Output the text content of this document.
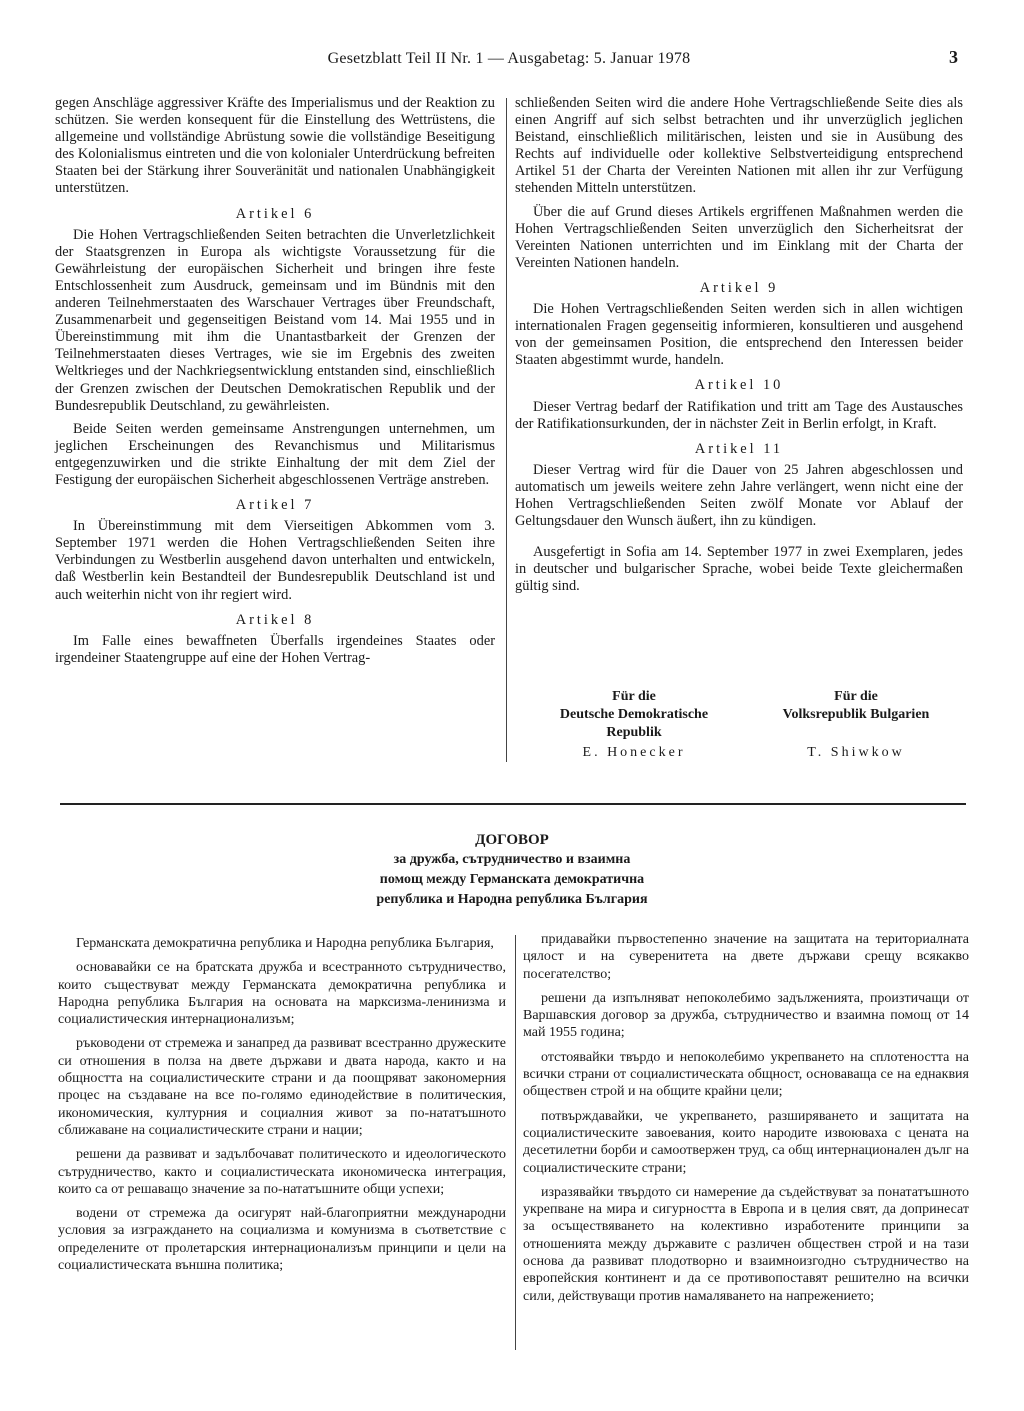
Gesetzblatt Teil II Nr. 1 — Ausgabetag: 5. Januar 1978	3

gegen Anschläge aggressiver Kräfte des Imperialismus und der Reaktion zu schützen. Sie werden konsequent für die Einstellung des Wettrüstens, die allgemeine und vollständige Abrüstung sowie die vollständige Beseitigung des Kolonialismus eintreten und die von kolonialer Unterdrückung befreiten Staaten bei der Stärkung ihrer Souveränität und nationalen Unabhängigkeit unterstützen.

Artikel 6

Die Hohen Vertragschließenden Seiten betrachten die Unverletzlichkeit der Staatsgrenzen in Europa als wichtigste Voraussetzung für die Gewährleistung der europäischen Sicherheit und bringen ihre feste Entschlossenheit zum Ausdruck, gemeinsam und im Bündnis mit den anderen Teilnehmerstaaten des Warschauer Vertrages über Freundschaft, Zusammenarbeit und gegenseitigen Beistand vom 14. Mai 1955 und in Übereinstimmung mit ihm die Unantastbarkeit der Grenzen der Teilnehmerstaaten dieses Vertrages, wie sie im Ergebnis des zweiten Weltkrieges und der Nachkriegsentwicklung entstanden sind, einschließlich der Grenzen zwischen der Deutschen Demokratischen Republik und der Bundesrepublik Deutschland, zu gewährleisten.

Beide Seiten werden gemeinsame Anstrengungen unternehmen, um jeglichen Erscheinungen des Revanchismus und Militarismus entgegenzuwirken und die strikte Einhaltung der mit dem Ziel der Festigung der europäischen Sicherheit abgeschlossenen Verträge anstreben.

Artikel 7

In Übereinstimmung mit dem Vierseitigen Abkommen vom 3. September 1971 werden die Hohen Vertragschließenden Seiten ihre Verbindungen zu Westberlin ausgehend davon unterhalten und entwickeln, daß Westberlin kein Bestandteil der Bundesrepublik Deutschland ist und auch weiterhin nicht von ihr regiert wird.

Artikel 8

Im Falle eines bewaffneten Überfalls irgendeines Staates oder irgendeiner Staatengruppe auf eine der Hohen Vertrag-

schließenden Seiten wird die andere Hohe Vertragschließende Seite dies als einen Angriff auf sich selbst betrachten und ihr unverzüglich jeglichen Beistand, einschließlich militärischen, leisten und sie in Ausübung des Rechts auf individuelle oder kollektive Selbstverteidigung entsprechend Artikel 51 der Charta der Vereinten Nationen mit allen ihr zur Verfügung stehenden Mitteln unterstützen.

Über die auf Grund dieses Artikels ergriffenen Maßnahmen werden die Hohen Vertragschließenden Seiten unverzüglich den Sicherheitsrat der Vereinten Nationen unterrichten und im Einklang mit der Charta der Vereinten Nationen handeln.

Artikel 9

Die Hohen Vertragschließenden Seiten werden sich in allen wichtigen internationalen Fragen gegenseitig informieren, konsultieren und ausgehend von der gemeinsamen Position, die entsprechend den Interessen beider Staaten abgestimmt wurde, handeln.

Artikel 10

Dieser Vertrag bedarf der Ratifikation und tritt am Tage des Austausches der Ratifikationsurkunden, der in nächster Zeit in Berlin erfolgt, in Kraft.

Artikel 11

Dieser Vertrag wird für die Dauer von 25 Jahren abgeschlossen und automatisch um jeweils weitere zehn Jahre verlängert, wenn nicht eine der Hohen Vertragschließenden Seiten zwölf Monate vor Ablauf der Geltungsdauer den Wunsch äußert, ihn zu kündigen.

Ausgefertigt in Sofia am 14. September 1977 in zwei Exemplaren, jedes in deutscher und bulgarischer Sprache, wobei beide Texte gleichermaßen gültig sind.

Für die
Deutsche Demokratische
Republik
E. Honecker
Für die
Volksrepublik Bulgarien
T. Shiwkow
ДОГОВОР
за дружба, сътрудничество и взаимна
помощ между Германската демократична
република и Народна република България

Германската демократична република и Народна република България,

основавайки се на братската дружба и всестранното сътрудничество, които съществуват между Германската демократична република и Народна република България на основата на марксизма-ленинизма и социалистическия интернационализъм;

ръководени от стремежа и занапред да развиват всестранно дружеските си отношения в полза на двете държави и двата народа, както и на общността на социалистическите страни и да поощряват закономерния процес на създаване на все по-голямо единодействие в политическия, икономическия, културния и социалния живот за по-нататъшното сближаване на социалистическите страни и нации;

решени да развиват и задълбочават политическото и идеологическото сътрудничество, както и социалистическата икономическа интеграция, които са от решаващо значение за по-нататъшните общи успехи;

водени от стремежа да осигурят най-благоприятни международни условия за изграждането на социализма и комунизма в съответствие с определените от пролетарския интернационализъм принципи и цели на социалистическата външна политика;

придавайки първостепенно значение на защитата на териториалната цялост и на суверенитета на двете държави срещу всякакво посегателство;

решени да изпълняват непоколебимо задълженията, произтичащи от Варшавския договор за дружба, сътрудничество и взаимна помощ от 14 май 1955 година;

отстоявайки твърдо и непоколебимо укрепването на сплотеността на всички страни от социалистическата общност, основаваща се на еднаквия обществен строй и на общите крайни цели;

потвърждавайки, че укрепването, разширяването и защитата на социалистическите завоевания, които народите извоюваха с цената на десетилетни борби и самоотвержен труд, са общ интернационален дълг на социалистическите страни;

изразявайки твърдото си намерение да съдействуват за понататъшното укрепване на мира и сигурността в Европа и в целия свят, да допринесат за осъществяването на колективно изработените принципи за отношенията между държавите с различен обществен строй и на тази основа да развиват плодотворно и взаимноизгодно сътрудничество на европейския континент и да се противопоставят решително на всички сили, действуващи против намаляването на напрежението;
